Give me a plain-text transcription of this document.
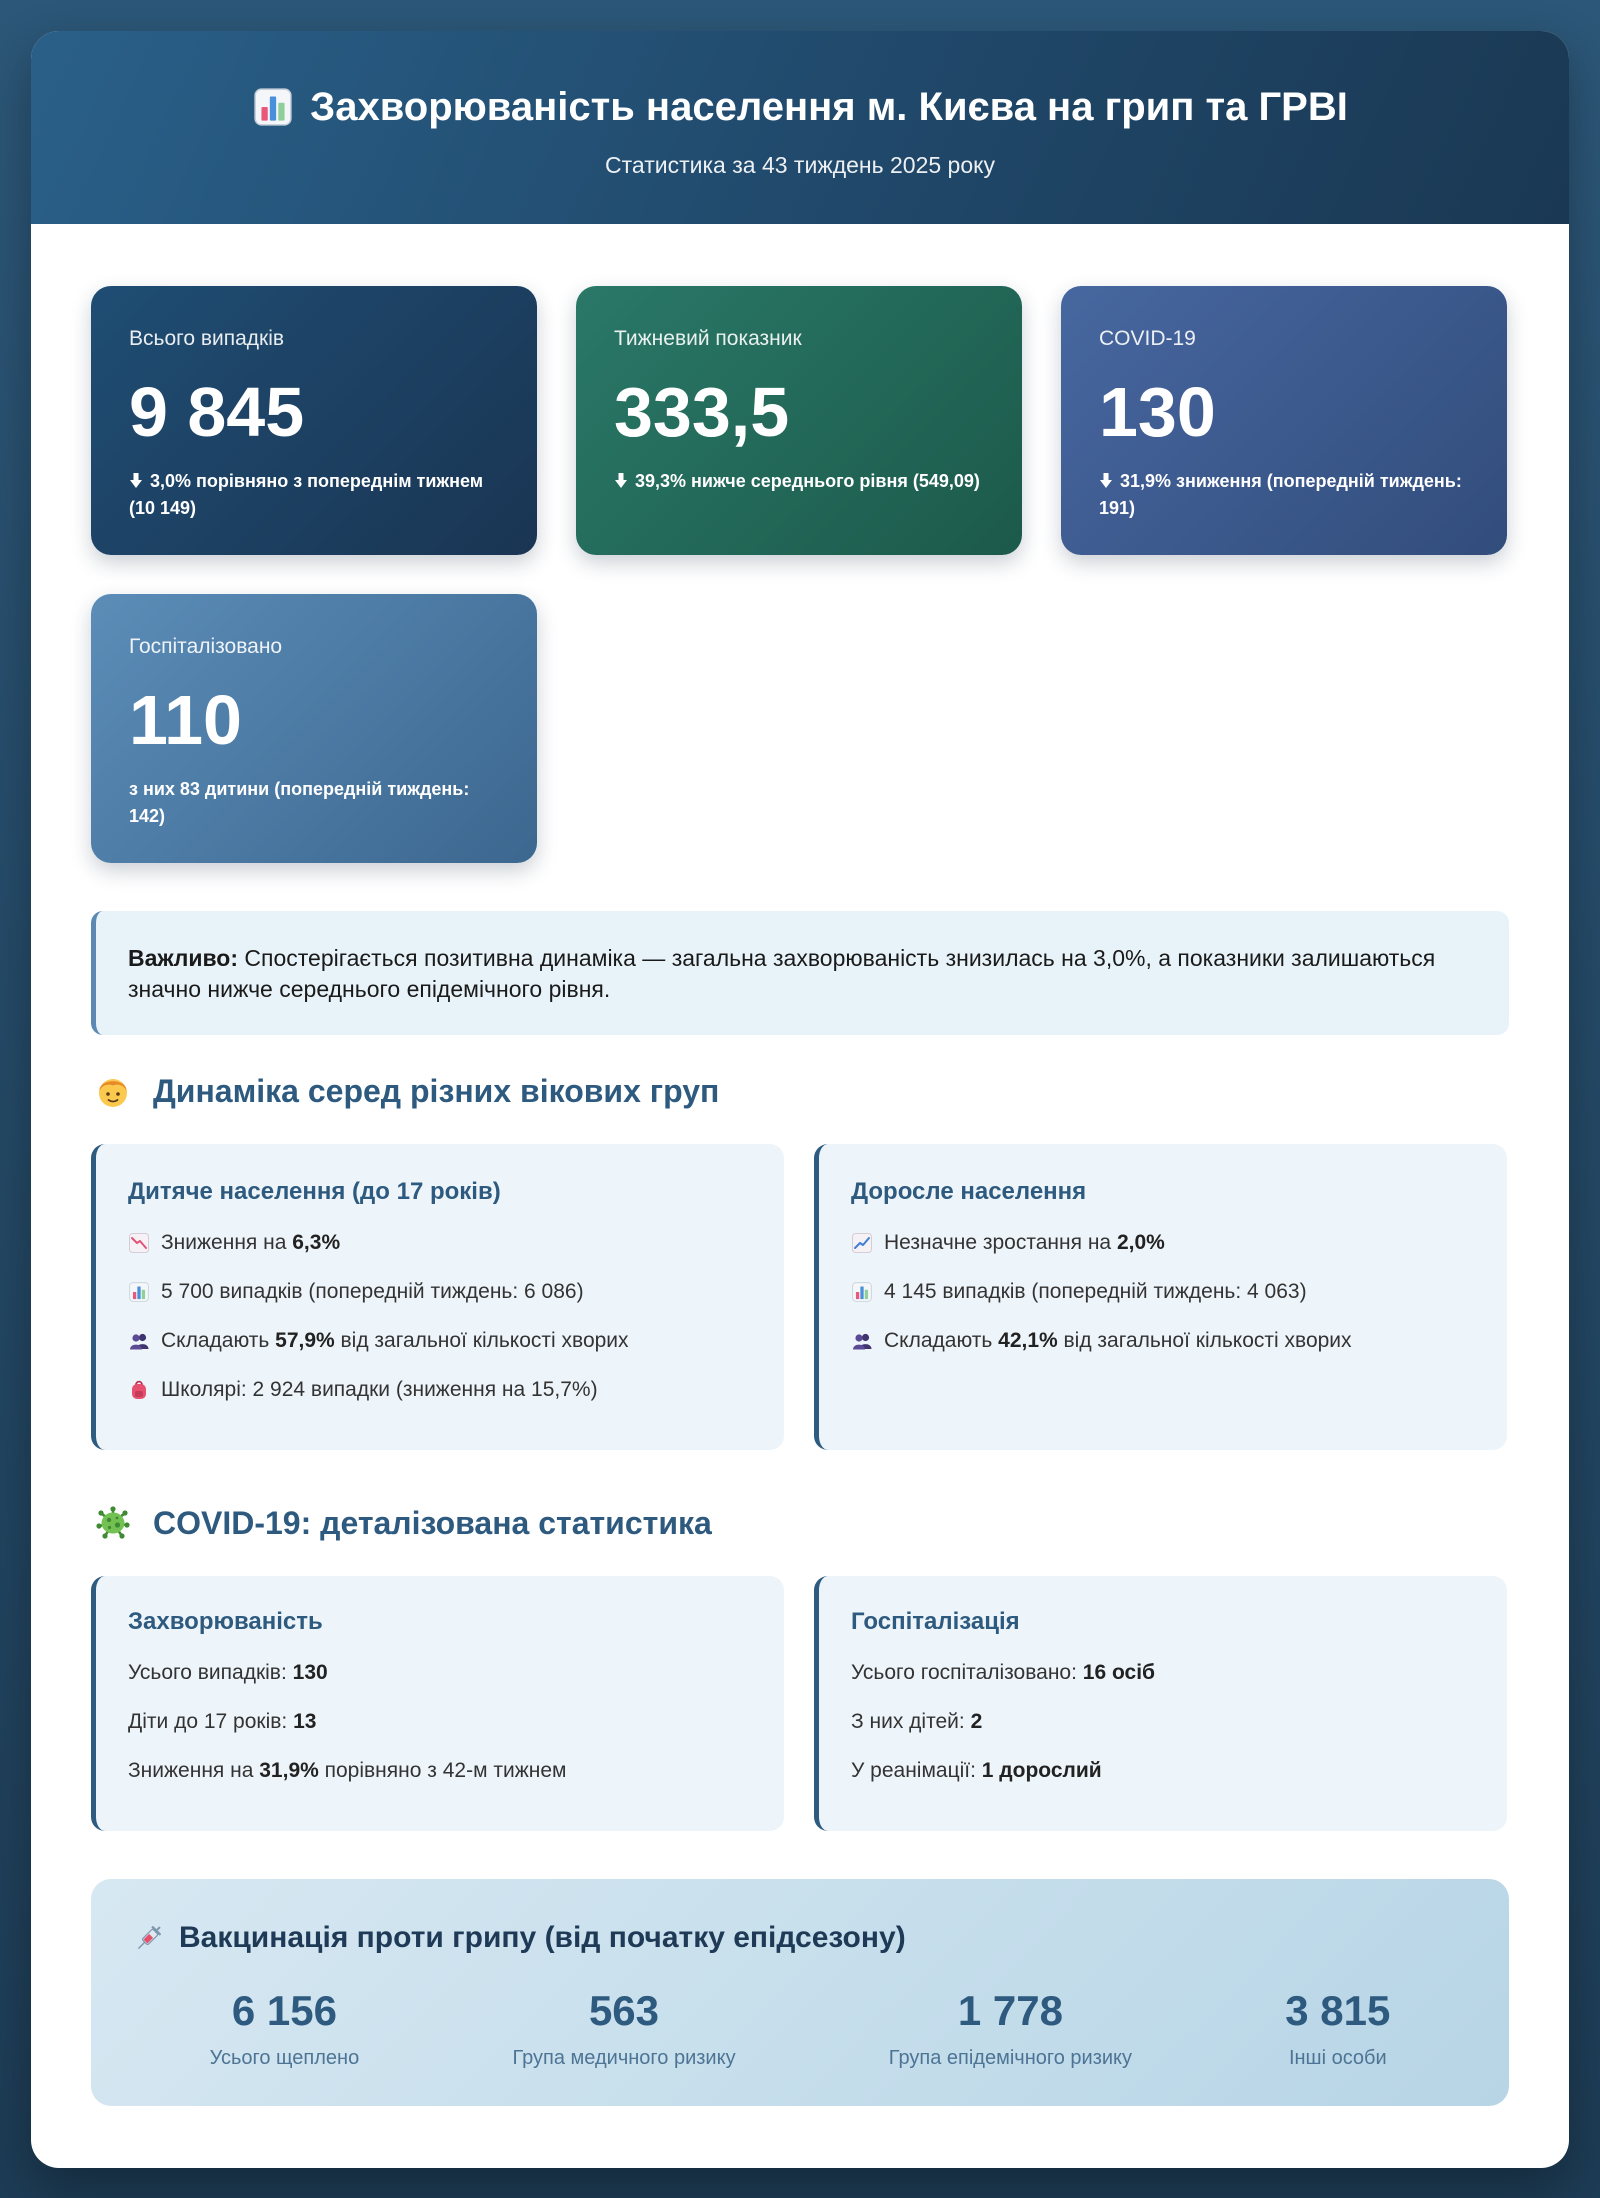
Захворюваність населення м. Києва на грип та ГРВІ
Статистика за 43 тиждень 2025 року
Всього випадків
9 845
3,0% порівняно з попереднім тижнем (10 149)
Тижневий показник
333,5
39,3% нижче середнього рівня (549,09)
COVID-19
130
31,9% зниження (попередній тиждень: 191)
Госпіталізовано
110
з них 83 дитини (попередній тиждень: 142)
Важливо: Спостерігається позитивна динаміка — загальна захворюваність знизилась на 3,0%, а показники залишаються значно нижче середнього епідемічного рівня.
Динаміка серед різних вікових груп
Дитяче населення (до 17 років)
Зниження на 6,3%
5 700 випадків (попередній тиждень: 6 086)
Складають 57,9% від загальної кількості хворих
Школярі: 2 924 випадки (зниження на 15,7%)
Доросле населення
Незначне зростання на 2,0%
4 145 випадків (попередній тиждень: 4 063)
Складають 42,1% від загальної кількості хворих
COVID-19: деталізована статистика
Захворюваність
Усього випадків: 130
Діти до 17 років: 13
Зниження на 31,9% порівняно з 42-м тижнем
Госпіталізація
Усього госпіталізовано: 16 осіб
З них дітей: 2
У реанімації: 1 дорослий
Вакцинація проти грипу (від початку епідсезону)
6 156
Усього щеплено
563
Група медичного ризику
1 778
Група епідемічного ризику
3 815
Інші особи
